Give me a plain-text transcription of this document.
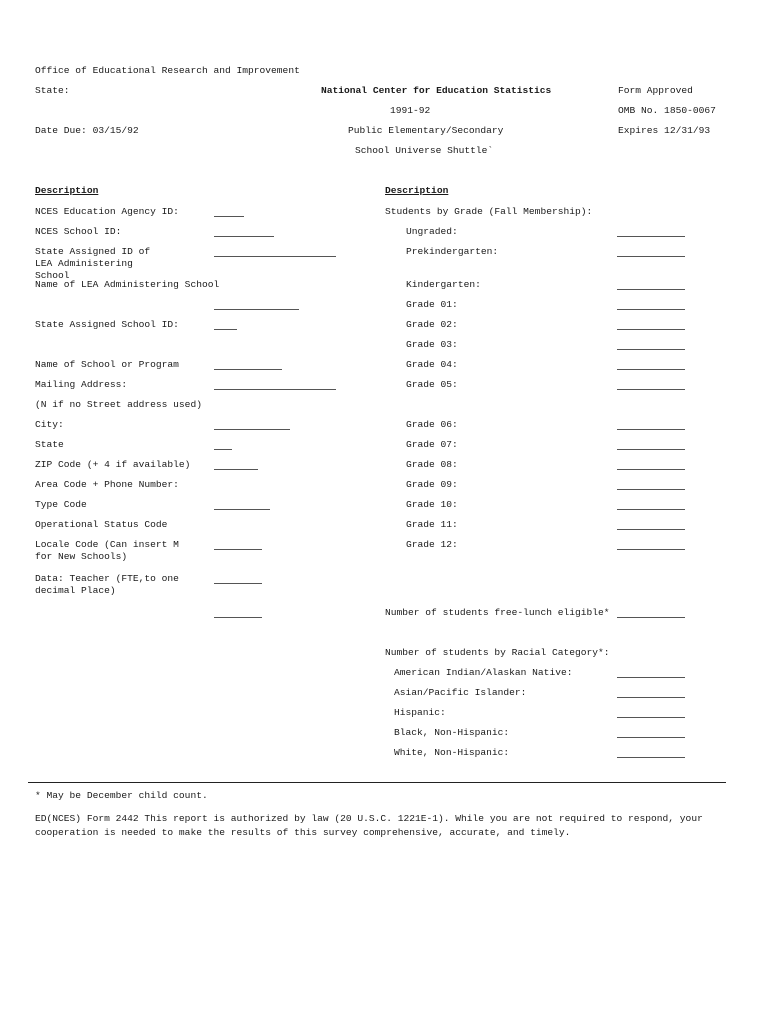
Office of Educational Research and Improvement
State:
Date Due: 03/15/92
National Center for Education Statistics
1991-92
Public Elementary/Secondary
School Universe Shuttle`
Form Approved
OMB No. 1850-0067
Expires 12/31/93
Description
NCES Education Agency ID:
NCES School ID:
State Assigned ID of LEA Administering School
Name of LEA Administering School
State Assigned School ID:
Name of School or Program
Mailing Address:
(N if no Street address used)
City:
State
ZIP Code (+ 4 if available)
Area Code + Phone Number:
Type Code
Operational Status Code
Locale Code (Can insert M for New Schools)
Data: Teacher (FTE,to one decimal Place)
Description
Students by Grade (Fall Membership):
Ungraded:
Prekindergarten:
Kindergarten:
Grade 01:
Grade 02:
Grade 03:
Grade 04:
Grade 05:
Grade 06:
Grade 07:
Grade 08:
Grade 09:
Grade 10:
Grade 11:
Grade 12:
Number of students free-lunch eligible*
Number of students by Racial Category*:
American Indian/Alaskan Native:
Asian/Pacific Islander:
Hispanic:
Black, Non-Hispanic:
White, Non-Hispanic:
* May be December child count.
ED(NCES) Form 2442 This report is authorized by law (20 U.S.C. 1221E-1). While you are not required to respond, your cooperation is needed to make the results of this survey comprehensive, accurate, and timely.
